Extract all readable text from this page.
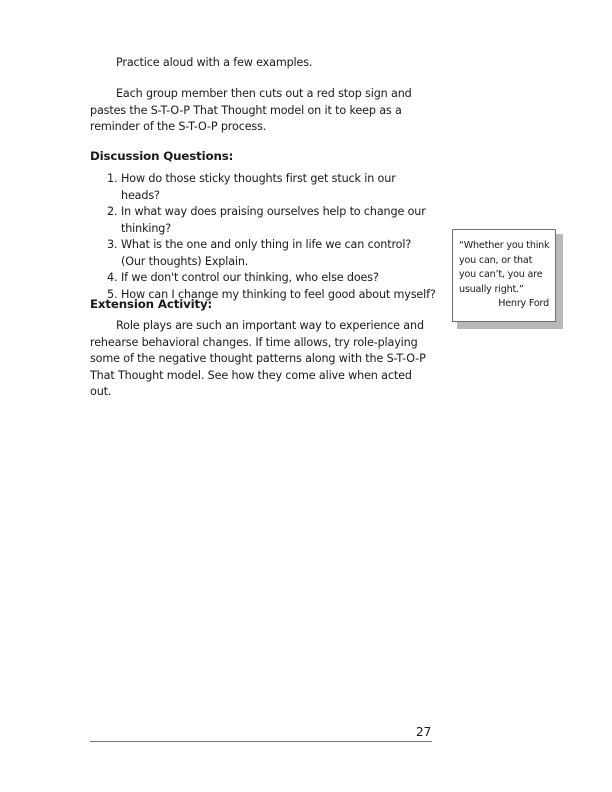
Practice aloud with a few examples.

Each group member then cuts out a red stop sign and pastes the S-T-O-P That Thought model on it to keep as a reminder of the S-T-O-P process.

Discussion Questions:
1. How do those sticky thoughts first get stuck in our heads?
2. In what way does praising ourselves help to change our thinking?
3. What is the one and only thing in life we can control? (Our thoughts) Explain.
4. If we don't control our thinking, who else does?
5. How can I change my thinking to feel good about myself?
Extension Activity:

Role plays are such an important way to experience and rehearse behavioral changes. If time allows, try role-playing some of the negative thought patterns along with the S-T-O-P That Thought model. See how they come alive when acted out.

“Whether you think you can, or that you can’t, you are usually right.”
Henry Ford
27
